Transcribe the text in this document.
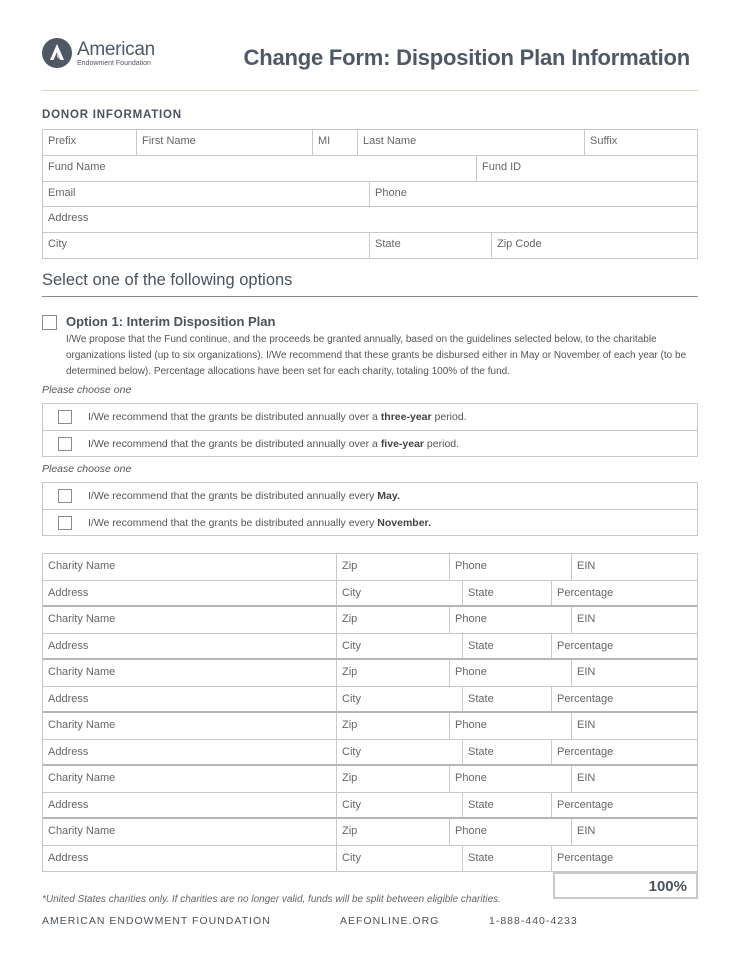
American
Endowment Foundation	Change Form: Disposition Plan Information
DONOR INFORMATION
Prefix	First Name	MI	Last Name	Suffix
Fund Name	Fund ID
Email	Phone
Address
City	State	Zip Code
Select one of the following options
Option 1: Interim Disposition Plan
I/We propose that the Fund continue, and the proceeds be granted annually, based on the guidelines selected below, to the charitable organizations listed (up to six organizations). I/We recommend that these grants be disbursed either in May or November of each year (to be determined below). Percentage allocations have been set for each charity, totaling 100% of the fund.
Please choose one
I/We recommend that the grants be distributed annually over a three-year period.
I/We recommend that the grants be distributed annually over a five-year period.
Please choose one
I/We recommend that the grants be distributed annually every May.
I/We recommend that the grants be distributed annually every November.
Charity Name	Zip	Phone	EIN
Address	City	State	Percentage
Charity Name	Zip	Phone	EIN
Address	City	State	Percentage
Charity Name	Zip	Phone	EIN
Address	City	State	Percentage
Charity Name	Zip	Phone	EIN
Address	City	State	Percentage
Charity Name	Zip	Phone	EIN
Address	City	State	Percentage
Charity Name	Zip	Phone	EIN
Address	City	State	Percentage
100%
*United States charities only. If charities are no longer valid, funds will be split between eligible charities.
AMERICAN ENDOWMENT FOUNDATION	AEFONLINE.ORG	1-888-440-4233
